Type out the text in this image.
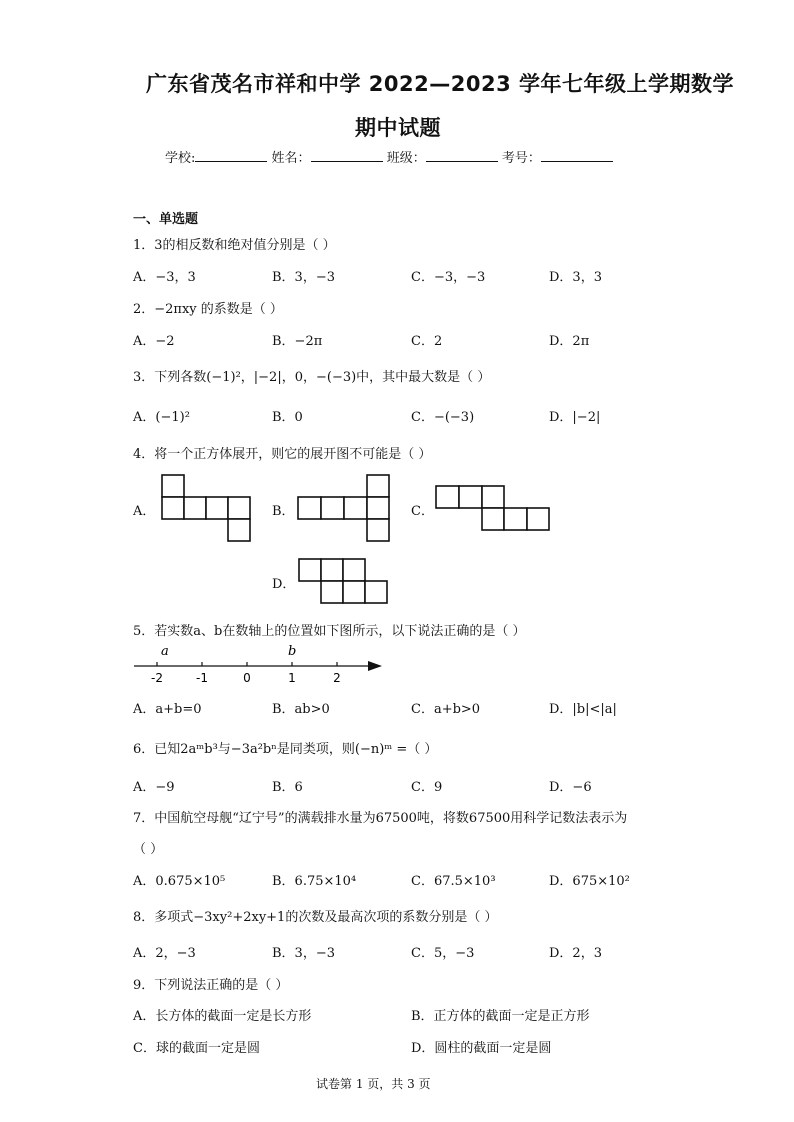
广东省茂名市祥和中学 2022—2023 学年七年级上学期数学
期中试题
学校:	姓名：	班级：	考号：
一、单选题
1．3的相反数和绝对值分别是（ ）
A．−3，3	B．3，−3	C．−3，−3	D．3，3
2．−2πxy 的系数是（ ）
A．−2	B．−2π	C．2	D．2π
3．下列各数(−1)²，|−2|，0，−(−3)中，其中最大数是（ ）
A．(−1)²	B．0	C．−(−3)	D．|−2|
4．将一个正方体展开，则它的展开图不可能是（ ）
A．	B．	C．
D．
5．若实数a、b在数轴上的位置如下图所示，以下说法正确的是（ ）
a	b
-2	-1	0	1	2
A．a+b=0	B．ab>0	C．a+b>0	D．|b|<|a|
6．已知2aᵐb³与−3a²bⁿ是同类项，则(−n)ᵐ =（ ）
A．−9	B．6	C．9	D．−6
7．中国航空母舰“辽宁号”的满载排水量为67500吨，将数67500用科学记数法表示为
（ ）
A．0.675×10⁵	B．6.75×10⁴	C．67.5×10³	D．675×10²
8．多项式−3xy²+2xy+1的次数及最高次项的系数分别是（ ）
A．2，−3	B．3，−3	C．5，−3	D．2，3
9．下列说法正确的是（ ）
A．长方体的截面一定是长方形	B．正方体的截面一定是正方形
C．球的截面一定是圆	D．圆柱的截面一定是圆
试卷第 1 页，共 3 页
